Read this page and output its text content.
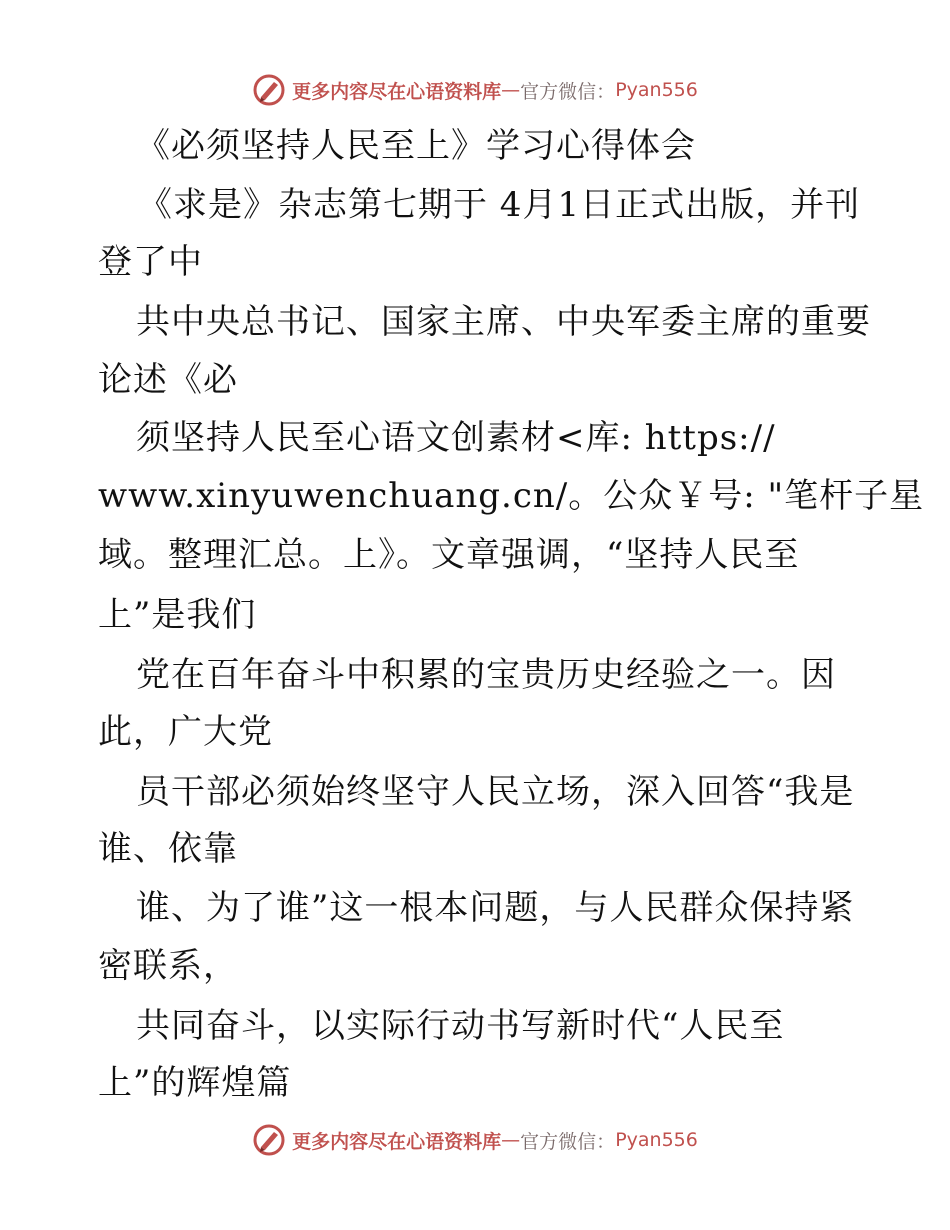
更多内容尽在心语资料库 — 官方微信： Pyan556
《必须坚持人民至上》学习心得体会
《求是》杂志第七期于 4月1日正式出版，并刊
登了中
共中央总书记、国家主席、中央军委主席的重要
论述《必
须坚持人民至心语文创素材<库: https://
www.xinyuwenchuang.cn/。公众￥号: "笔杆子星
域。整理汇总。上》。文章强调，“坚持人民至
上”是我们
党在百年奋斗中积累的宝贵历史经验之一。因
此，广大党
员干部必须始终坚守人民立场，深入回答“我是
谁、依靠
谁、为了谁”这一根本问题，与人民群众保持紧
密联系，
共同奋斗，以实际行动书写新时代“人民至
上”的辉煌篇
更多内容尽在心语资料库 — 官方微信： Pyan556
